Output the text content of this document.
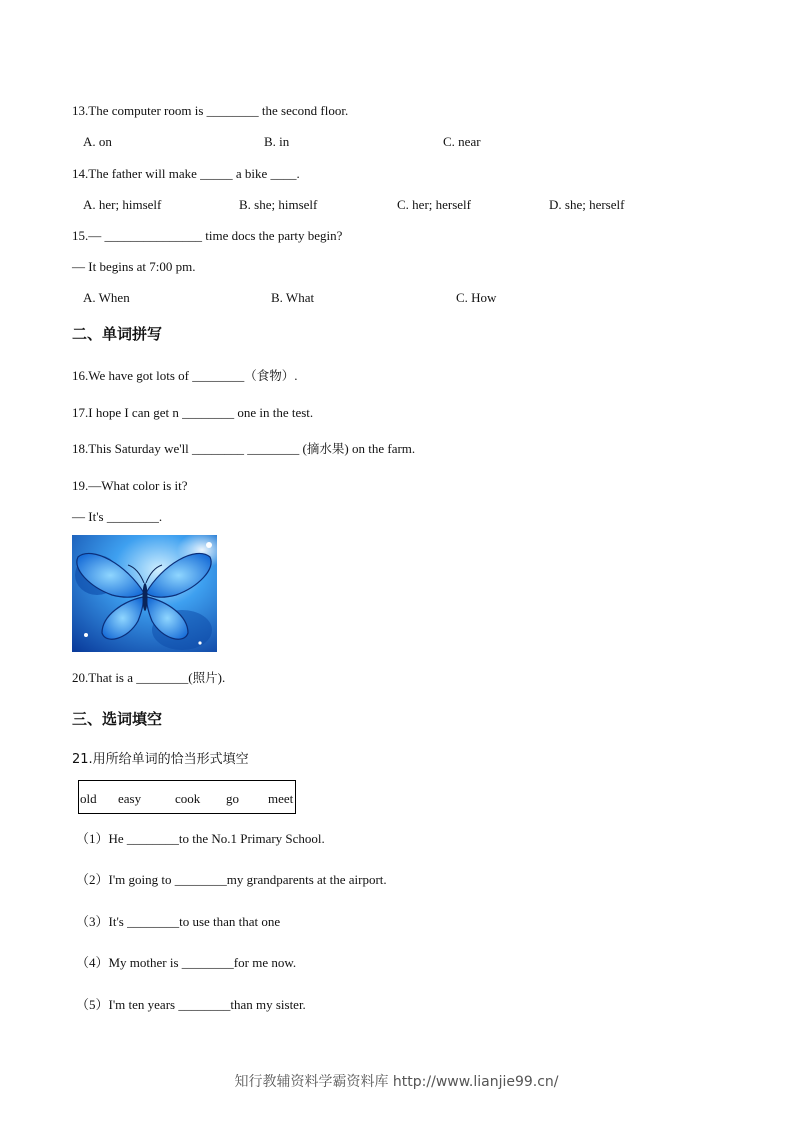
13.The computer room is ________ the second floor.
A. on	B. in	C. near
14.The father will make _____ a bike ____.
A. her; himself	B. she; himself	C. her; herself	D. she; herself
15.— _______________ time docs the party begin?
— It begins at 7:00 pm.
A. When	B. What	C. How
二、单词拼写
16.We have got lots of ________（食物）.
17.I hope I can get n ________ one in the test.
18.This Saturday we'll ________ ________ (摘水果) on the farm.
19.—What color is it?
— It's ________.
20.That is a ________(照片).
三、选词填空
21.用所给单词的恰当形式填空
old easy	cook go meet
（1）He ________to the No.1 Primary School.
（2）I'm going to ________my grandparents at the airport.
（3）It's ________to use than that one
（4）My mother is ________for me now.
（5）I'm ten years ________than my sister.
知行教辅资料学霸资料库 http://www.lianjie99.cn/
